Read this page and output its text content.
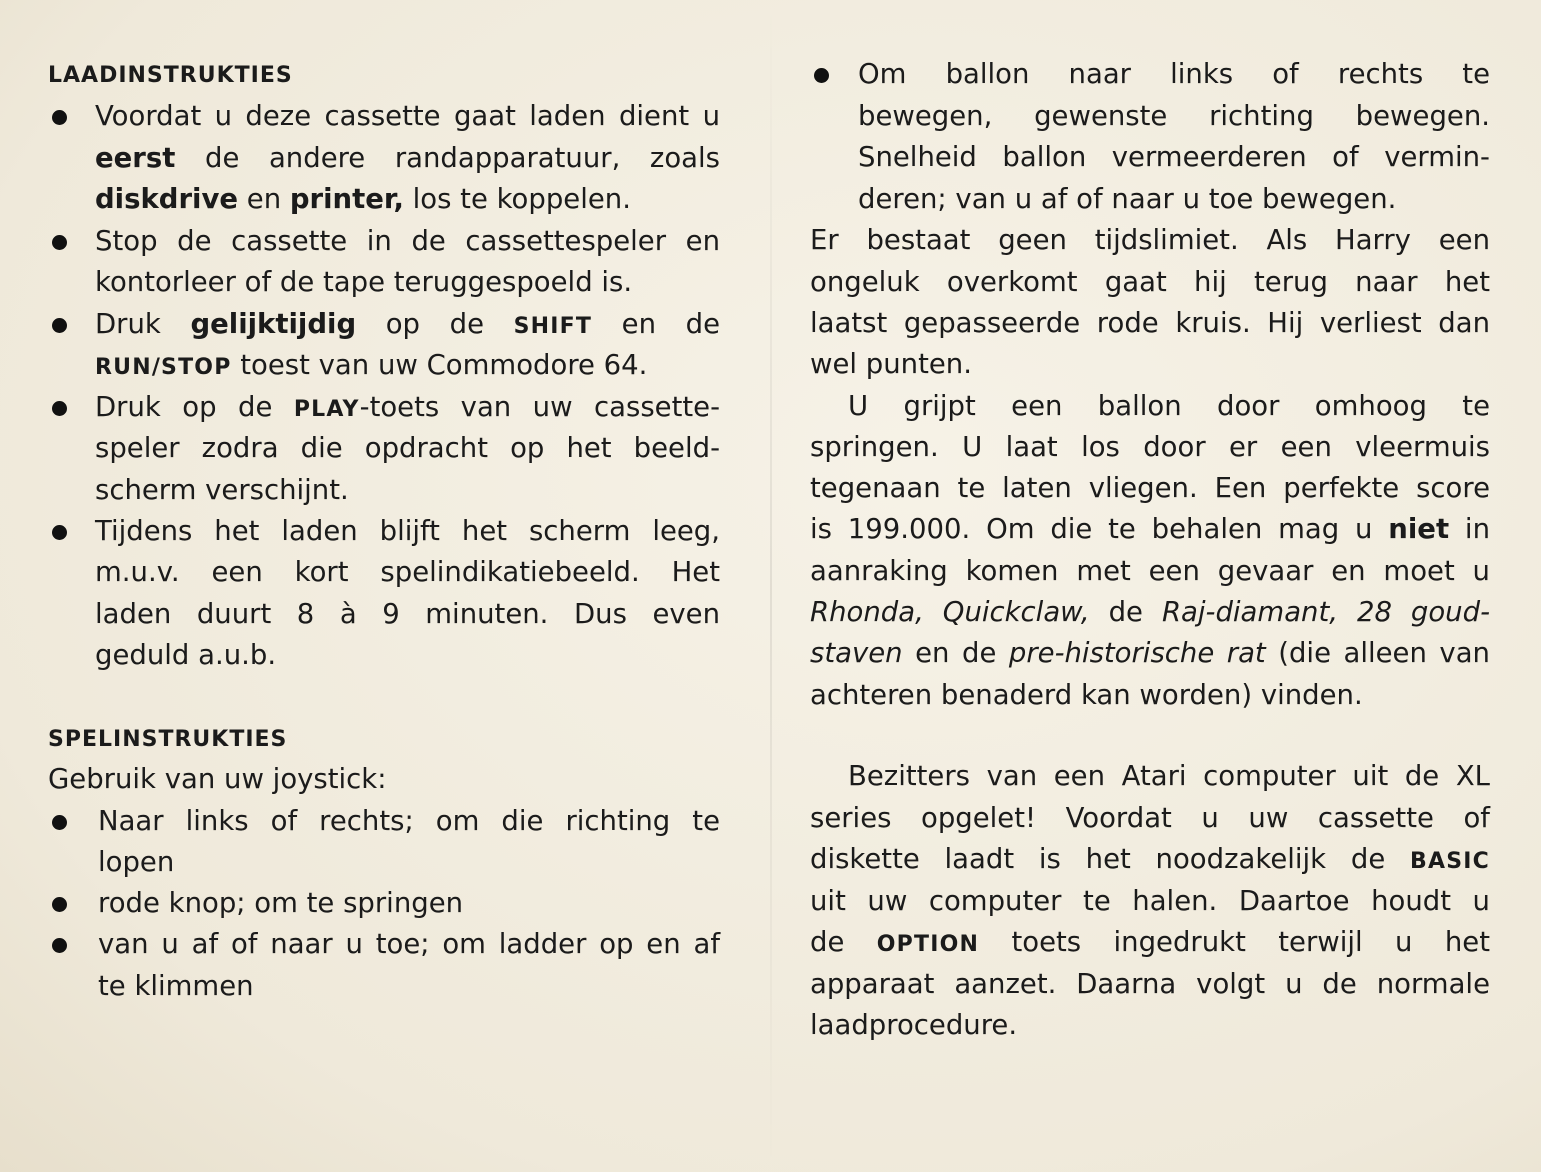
LAADINSTRUKTIES

Voordat u deze cassette gaat laden dient u

eerst de andere randapparatuur, zoals

diskdrive en printer, los te koppelen.

Stop de cassette in de cassettespeler en

kontorleer of de tape teruggespoeld is.

Druk gelijktijdig op de SHIFT en de

RUN/STOP toest van uw Commodore 64.

Druk op de PLAY-toets van uw cassette-

speler zodra die opdracht op het beeld-

scherm verschijnt.

Tijdens het laden blijft het scherm leeg,

m.u.v. een kort spelindikatiebeeld. Het

laden duurt 8 à 9 minuten. Dus even

geduld a.u.b.

SPELINSTRUKTIES

Gebruik van uw joystick:

Naar links of rechts; om die richting te

lopen

rode knop; om te springen

van u af of naar u toe; om ladder op en af

te klimmen

Om ballon naar links of rechts te

bewegen, gewenste richting bewegen.

Snelheid ballon vermeerderen of vermin-

deren; van u af of naar u toe bewegen.

Er bestaat geen tijdslimiet. Als Harry een

ongeluk overkomt gaat hij terug naar het

laatst gepasseerde rode kruis. Hij verliest dan

wel punten.

U grijpt een ballon door omhoog te

springen. U laat los door er een vleermuis

tegenaan te laten vliegen. Een perfekte score

is 199.000. Om die te behalen mag u niet in

aanraking komen met een gevaar en moet u

Rhonda, Quickclaw, de Raj-diamant, 28 goud-

staven en de pre-historische rat (die alleen van

achteren benaderd kan worden) vinden.

Bezitters van een Atari computer uit de XL

series opgelet! Voordat u uw cassette of

diskette laadt is het noodzakelijk de BASIC

uit uw computer te halen. Daartoe houdt u

de OPTION toets ingedrukt terwijl u het

apparaat aanzet. Daarna volgt u de normale

laadprocedure.
